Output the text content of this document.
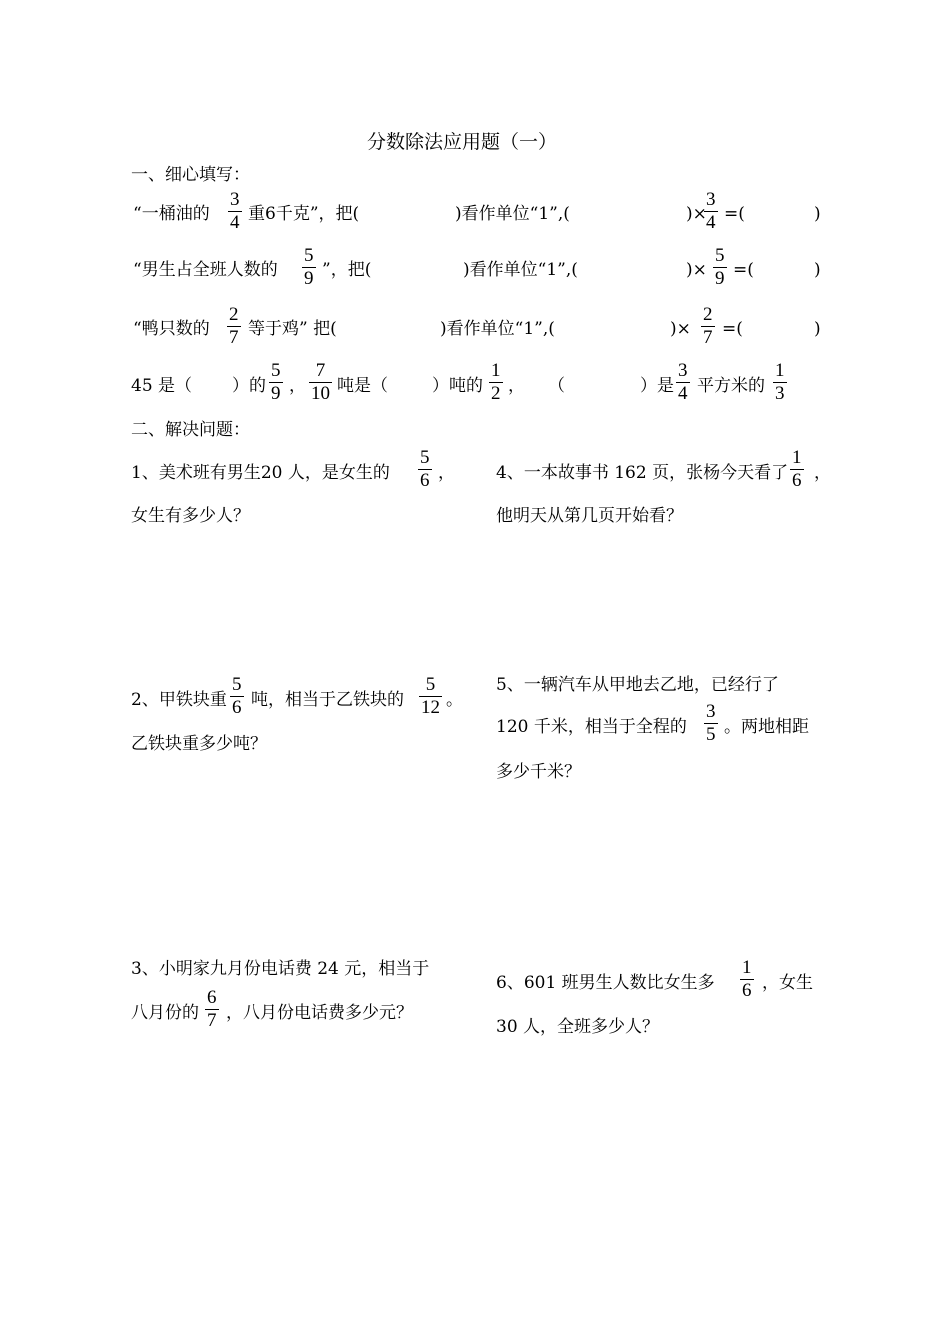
分数除法应用题（一）
一、细心填写：
“一桶油的
3
4 重6千克”，把(	)看作单位“1”,(	)×
3
4 =(	)
“男生占全班人数的
5
9 ”，把(	)看作单位“1”,(	)×
5
9 =(	)
“鸭只数的
2
7 等于鸡” 把(	)看作单位“1”,(	)×
2
7 =(	)
45 是（ ）的
5
9 ，
7
10 吨是（	）吨的
1
2 ， （	）是
3
4 平方米的
1
3
二、解决问题：
1、美术班有男生20 人，是女生的
5
6 ，
女生有多少人？
4、一本故事书 162 页，张杨今天看了
1
6 ，
他明天从第几页开始看？
2、甲铁块重
5
6 吨，相当于乙铁块的
5
12 。
乙铁块重多少吨？
5、一辆汽车从甲地去乙地，已经行了
120 千米，相当于全程的
3
5 。两地相距
多少千米？
3、小明家九月份电话费 24 元，相当于
八月份的
6
7 ，八月份电话费多少元？
6、601 班男生人数比女生多
1
6 ，女生
30 人，全班多少人？
